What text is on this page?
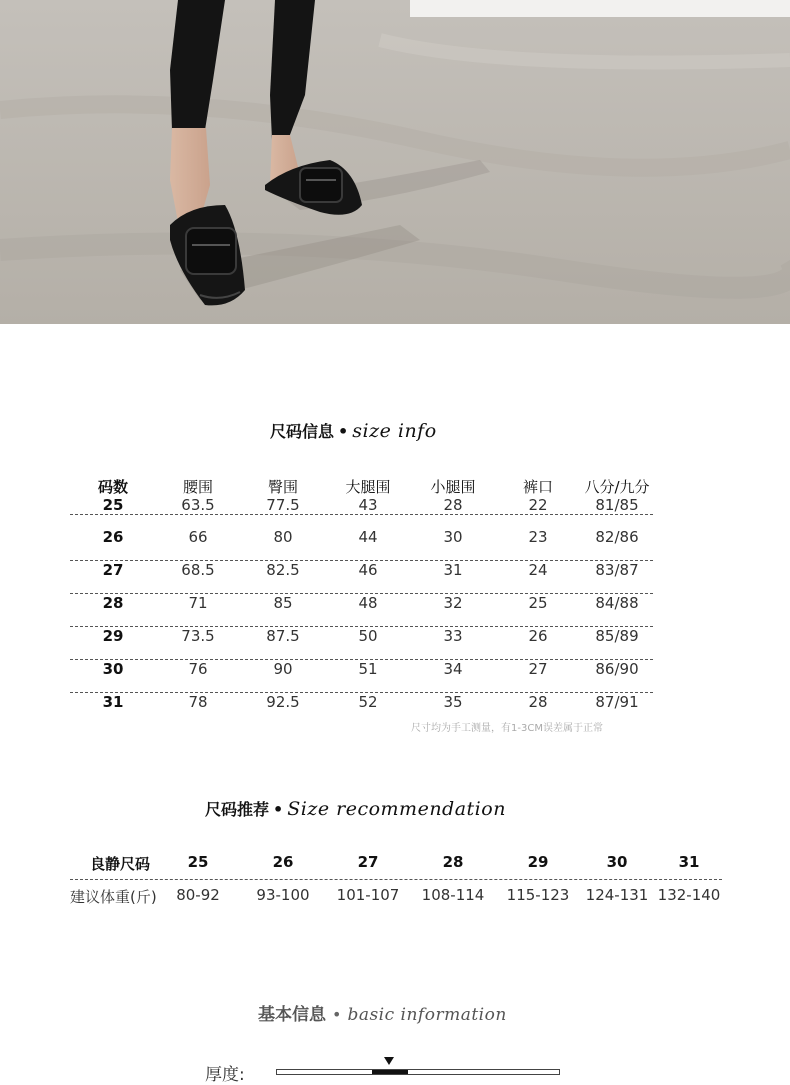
尺码信息 • size info
码数	腰围	臀围	大腿围	小腿围	裤口 八分/九分
25	63.5	77.5	43	28	22	81/85
26	66	80	44	30	23	82/86
27	68.5	82.5	46	31	24	83/87
28	71	85	48	32	25	84/88
29	73.5	87.5	50	33	26	85/89
30	76	90	51	34	27	86/90
31	78	92.5	52	35	28	87/91
尺寸均为手工测量，有1-3CM误差属于正常
尺码推荐 • Size recommendation
良静尺码	25	26	27	28	29	30	31
建议体重(斤) 80-92 93-100 101-107 108-114 115-123 124-131 132-140
基本信息 • basic information
厚度:
